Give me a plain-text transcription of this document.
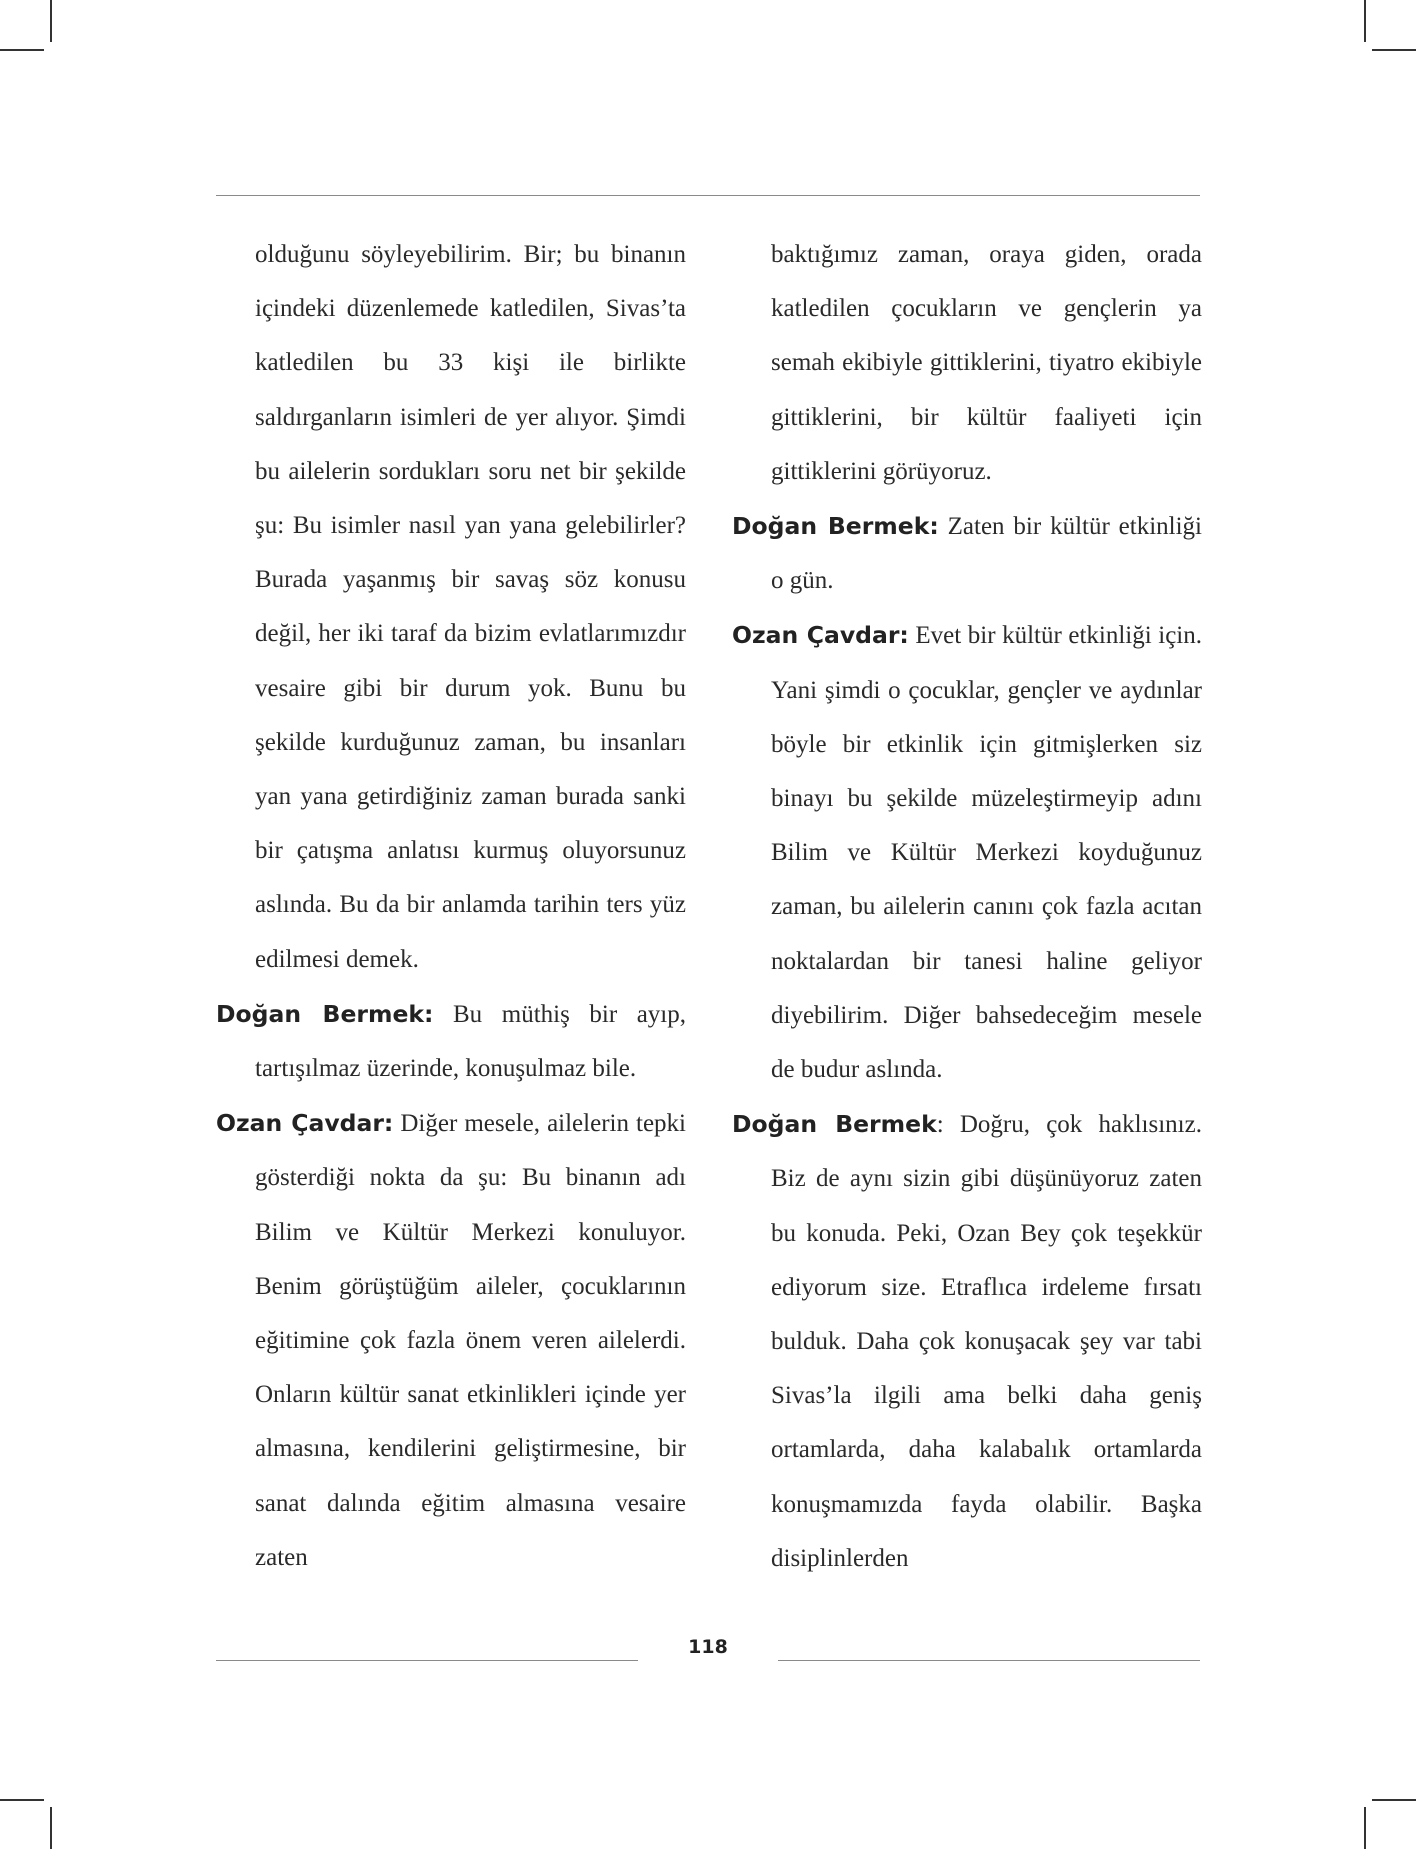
olduğunu söyleyebilirim. Bir; bu binanın içindeki düzenlemede katledilen, Sivas’ta katledilen bu 33 kişi ile birlikte saldırganların isimleri de yer alıyor. Şimdi bu ailelerin sordukları soru net bir şekilde şu: Bu isimler nasıl yan yana gelebilirler? Burada yaşanmış bir savaş söz konusu değil, her iki taraf da bizim evlatlarımızdır vesaire gibi bir durum yok. Bunu bu şekilde kurduğunuz zaman, bu insanları yan yana getirdiğiniz zaman burada sanki bir çatışma anlatısı kurmuş oluyorsunuz aslında. Bu da bir anlamda tarihin ters yüz edilmesi demek.

Doğan Bermek: Bu müthiş bir ayıp, tartışılmaz üzerinde, konuşulmaz bile.

Ozan Çavdar: Diğer mesele, ailelerin tepki gösterdiği nokta da şu: Bu binanın adı Bilim ve Kültür Merkezi konuluyor. Benim görüştüğüm aileler, çocuklarının eğitimine çok fazla önem veren ailelerdi. Onların kültür sanat etkinlikleri içinde yer almasına, kendilerini geliştirmesine, bir sanat dalında eğitim almasına vesaire zaten

baktığımız zaman, oraya giden, orada katledilen çocukların ve gençlerin ya semah ekibiyle gittiklerini, tiyatro ekibiyle gittiklerini, bir kültür faaliyeti için gittiklerini görüyoruz.

Doğan Bermek: Zaten bir kültür etkinliği o gün.

Ozan Çavdar: Evet bir kültür etkinliği için. Yani şimdi o çocuklar, gençler ve aydınlar böyle bir etkinlik için gitmişlerken siz binayı bu şekilde müzeleştirmeyip adını Bilim ve Kültür Merkezi koyduğunuz zaman, bu ailelerin canını çok fazla acıtan noktalardan bir tanesi haline geliyor diyebilirim. Diğer bahsedeceğim mesele de budur aslında.

Doğan Bermek: Doğru, çok haklısınız. Biz de aynı sizin gibi düşünüyoruz zaten bu konuda. Peki, Ozan Bey çok teşekkür ediyorum size. Etraflıca irdeleme fırsatı bulduk. Daha çok konuşacak şey var tabi Sivas’la ilgili ama belki daha geniş ortamlarda, daha kalabalık ortamlarda konuşmamızda fayda olabilir. Başka disiplinlerden

118
